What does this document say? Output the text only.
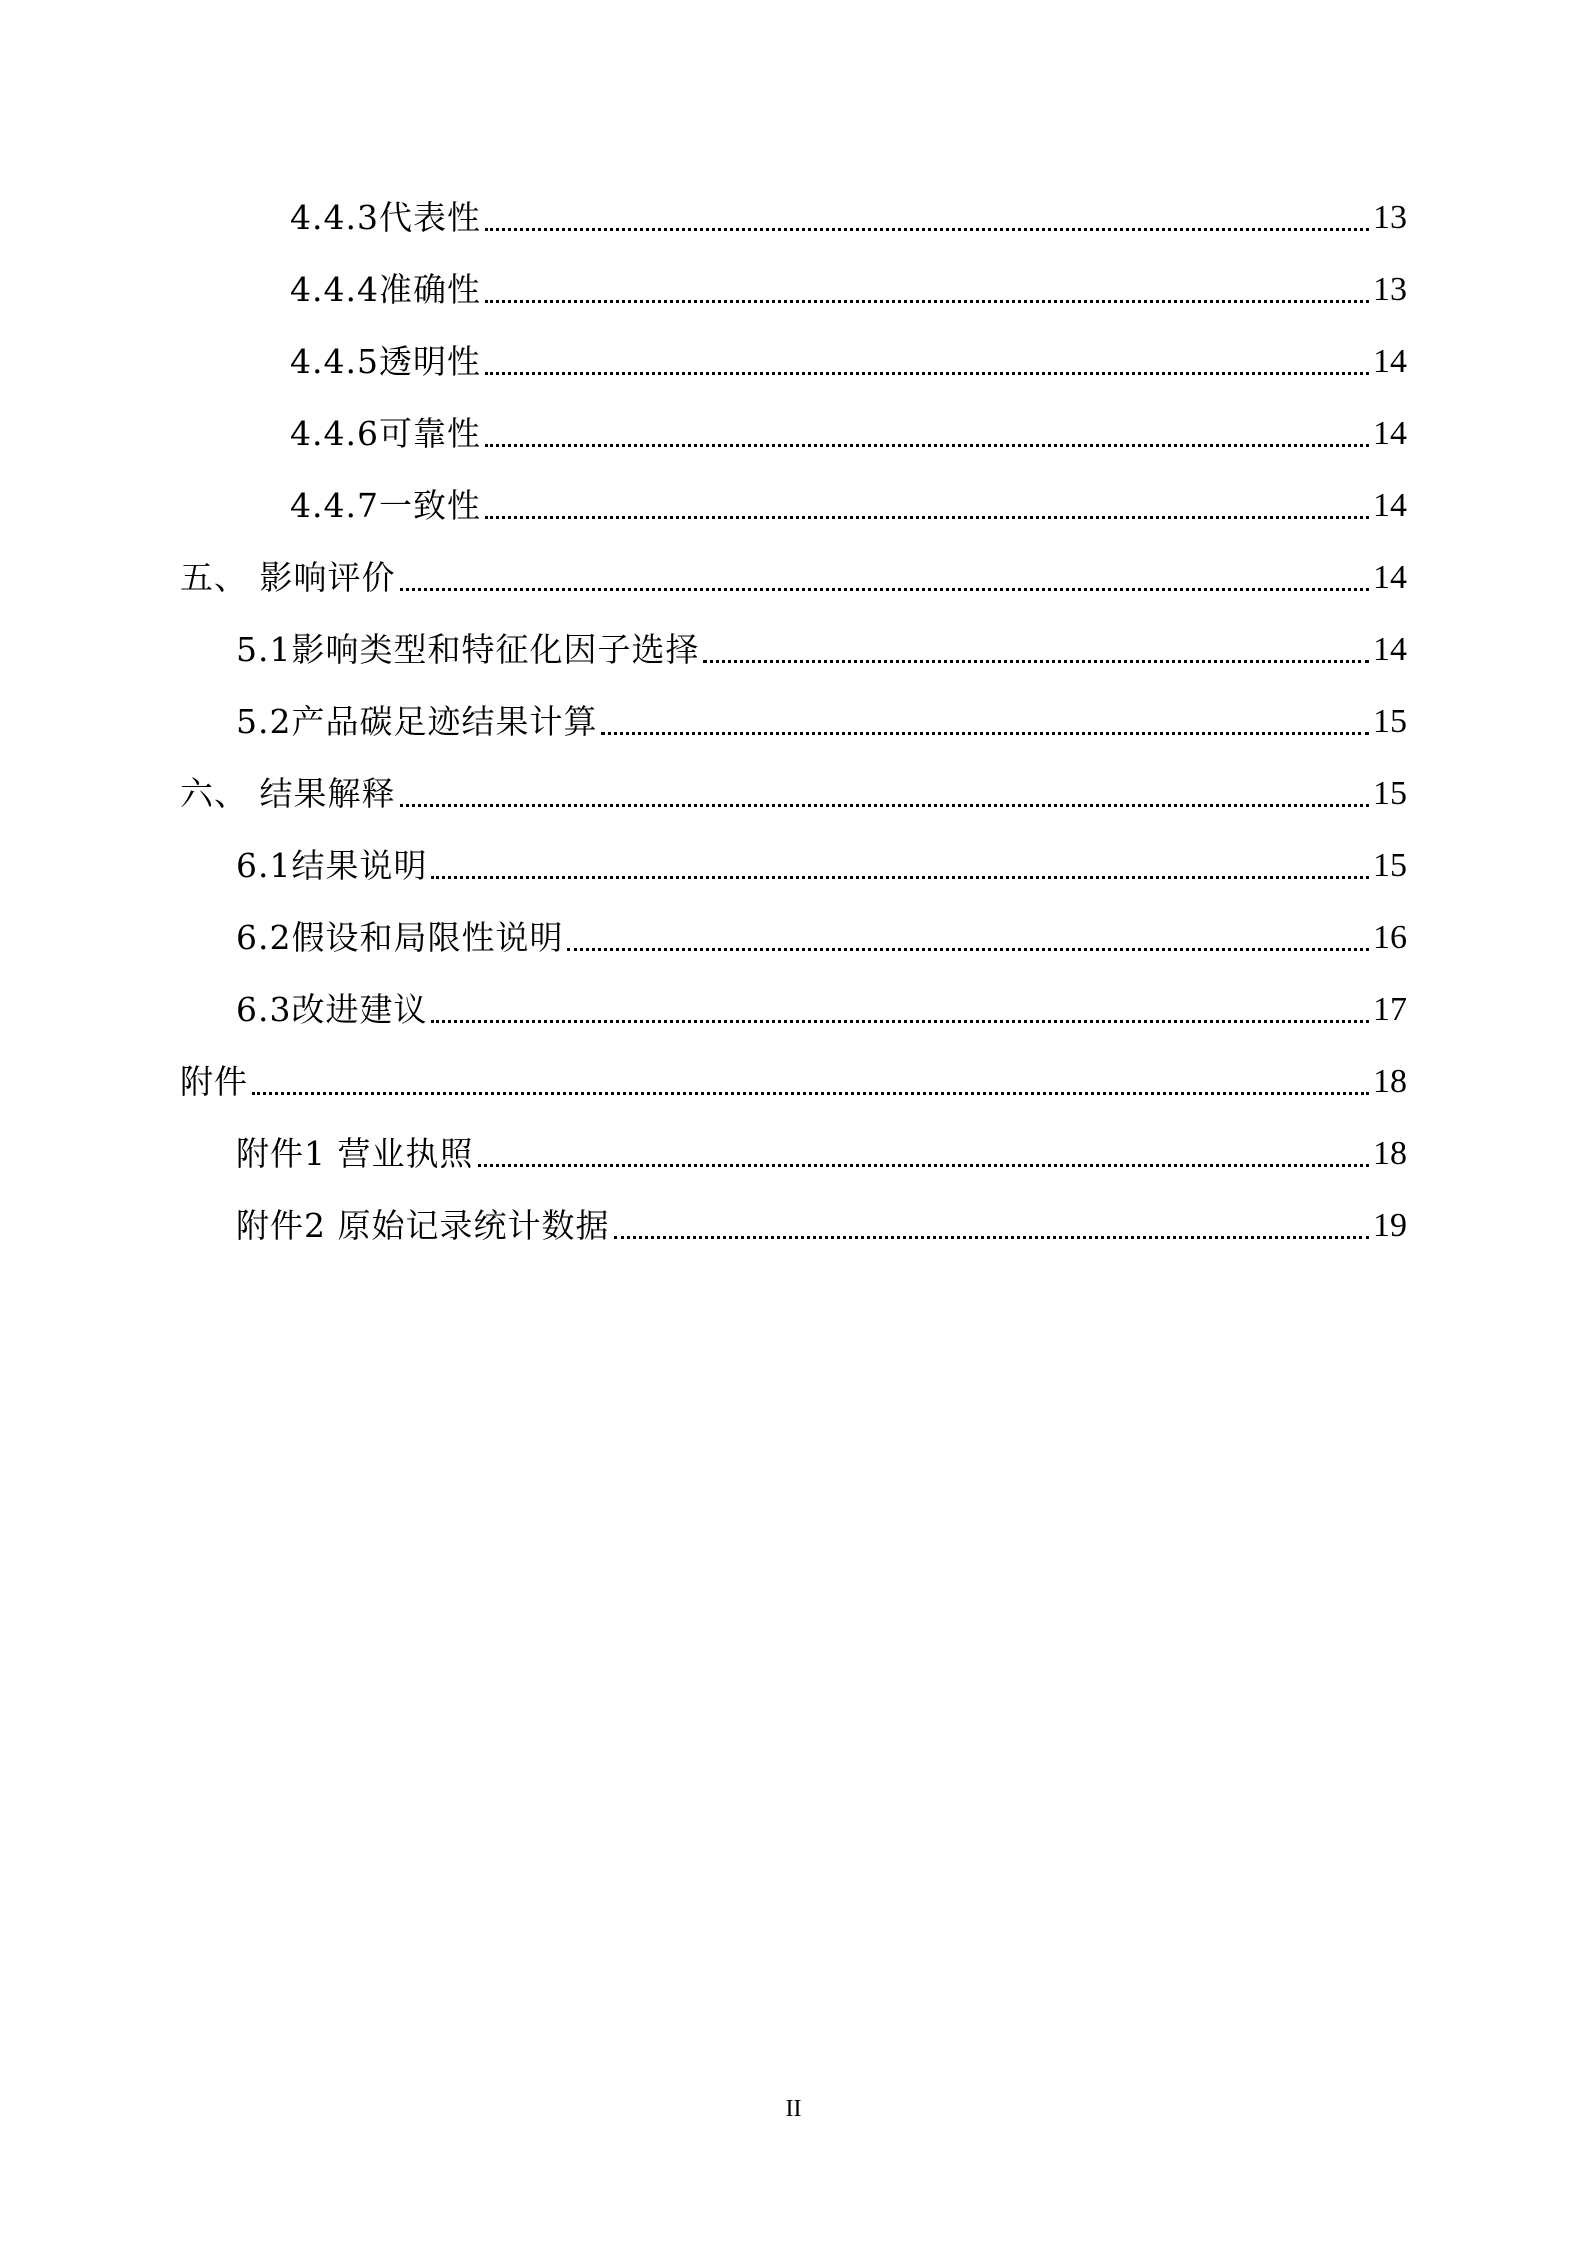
4.4.3代表性	13
4.4.4准确性	13
4.4.5透明性	14
4.4.6可靠性	14
4.4.7一致性	14
五、 影响评价	14
5.1影响类型和特征化因子选择	14
5.2产品碳足迹结果计算	15
六、 结果解释	15
6.1结果说明	15
6.2假设和局限性说明	16
6.3改进建议	17
附件	18
附件1 营业执照	18
附件2 原始记录统计数据	19
II
